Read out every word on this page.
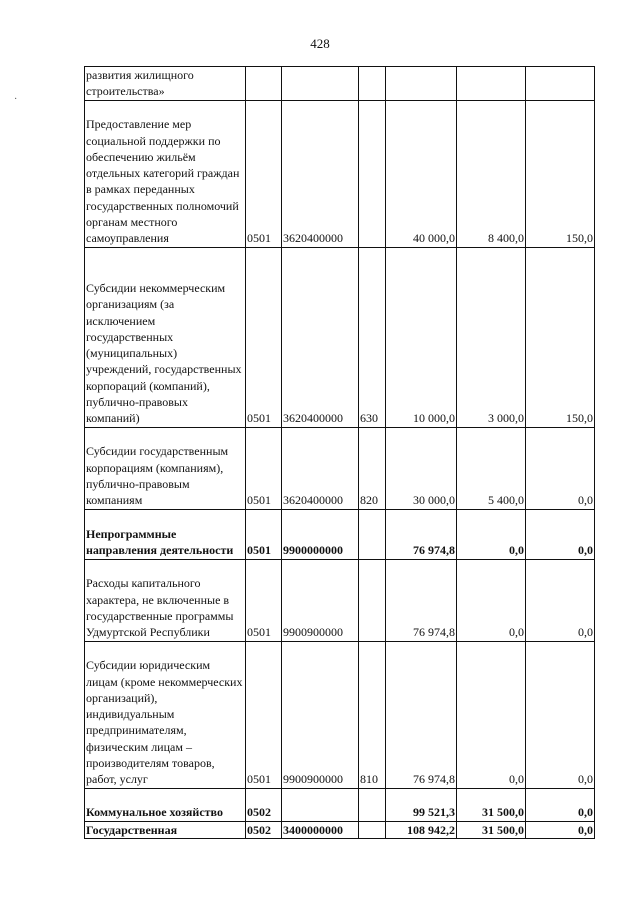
428
·
развития жилищного строительства»						
Предоставление мер социальной поддержки по обеспечению жильём отдельных категорий граждан в рамках переданных государственных полномочий органам местного самоуправления	0501	3620400000		40 000,0	8 400,0	150,0
Субсидии некоммерческим организациям (за исключением государственных (муниципальных) учреждений, государственных корпораций (компаний), публично-правовых компаний)	0501	3620400000	630	10 000,0	3 000,0	150,0
Субсидии государственным корпорациям (компаниям), публично-правовым компаниям	0501	3620400000	820	30 000,0	5 400,0	0,0
Непрограммные направления деятельности	0501	9900000000		76 974,8	0,0	0,0
Расходы капитального характера, не включенные в государственные программы Удмуртской Республики	0501	9900900000		76 974,8	0,0	0,0
Субсидии юридическим лицам (кроме некоммерческих организаций), индивидуальным предпринимателям, физическим лицам – производителям товаров, работ, услуг	0501	9900900000	810	76 974,8	0,0	0,0
Коммунальное хозяйство	0502			99 521,3	31 500,0	0,0
Государственная	0502	3400000000		108 942,2	31 500,0	0,0
